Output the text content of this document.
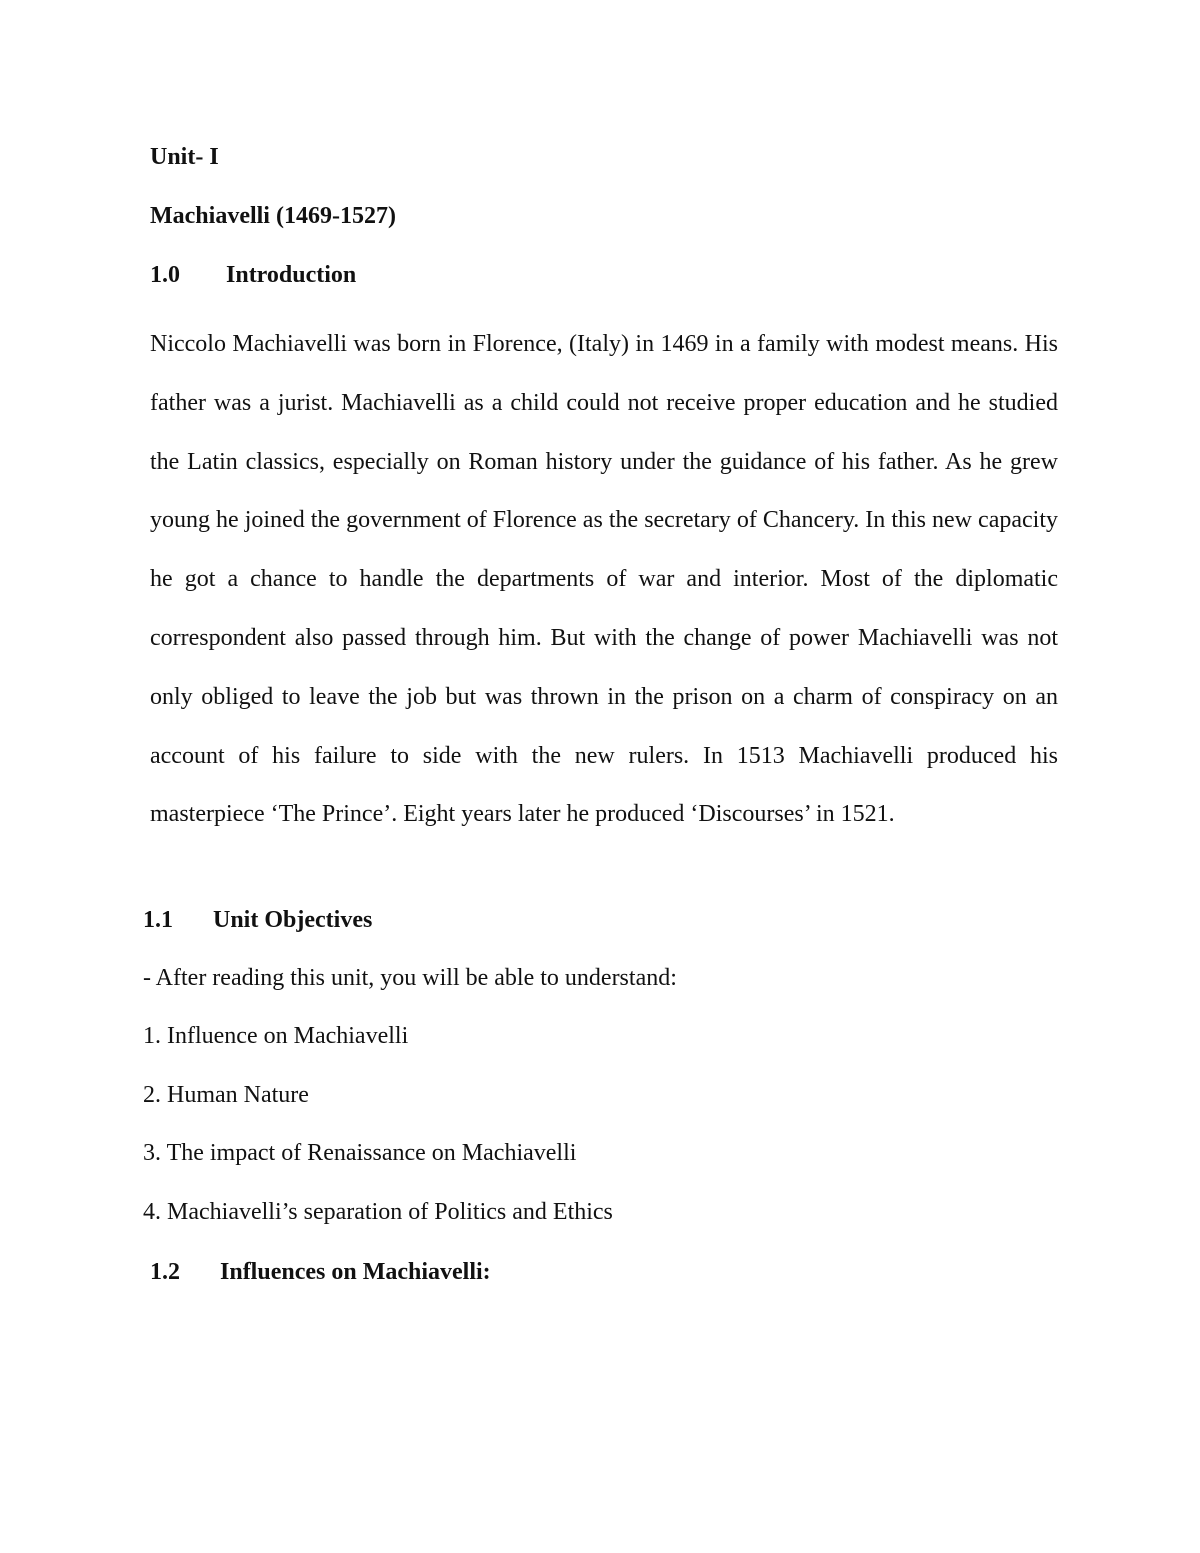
Unit- I
Machiavelli (1469-1527)
1.0 Introduction
Niccolo Machiavelli was born in Florence, (Italy) in 1469 in a family with modest means. His father was a jurist. Machiavelli as a child could not receive proper education and he studied the Latin classics, especially on Roman history under the guidance of his father. As he grew young he joined the government of Florence as the secretary of Chancery. In this new capacity he got a chance to handle the departments of war and interior. Most of the diplomatic correspondent also passed through him. But with the change of power Machiavelli was not only obliged to leave the job but was thrown in the prison on a charm of conspiracy on an account of his failure to side with the new rulers. In 1513 Machiavelli produced his masterpiece ‘The Prince’. Eight years later he produced ‘Discourses’ in 1521.
1.1 Unit Objectives
- After reading this unit, you will be able to understand:
1. Influence on Machiavelli
2. Human Nature
3. The impact of Renaissance on Machiavelli
4. Machiavelli’s separation of Politics and Ethics
1.2 Influences on Machiavelli:
